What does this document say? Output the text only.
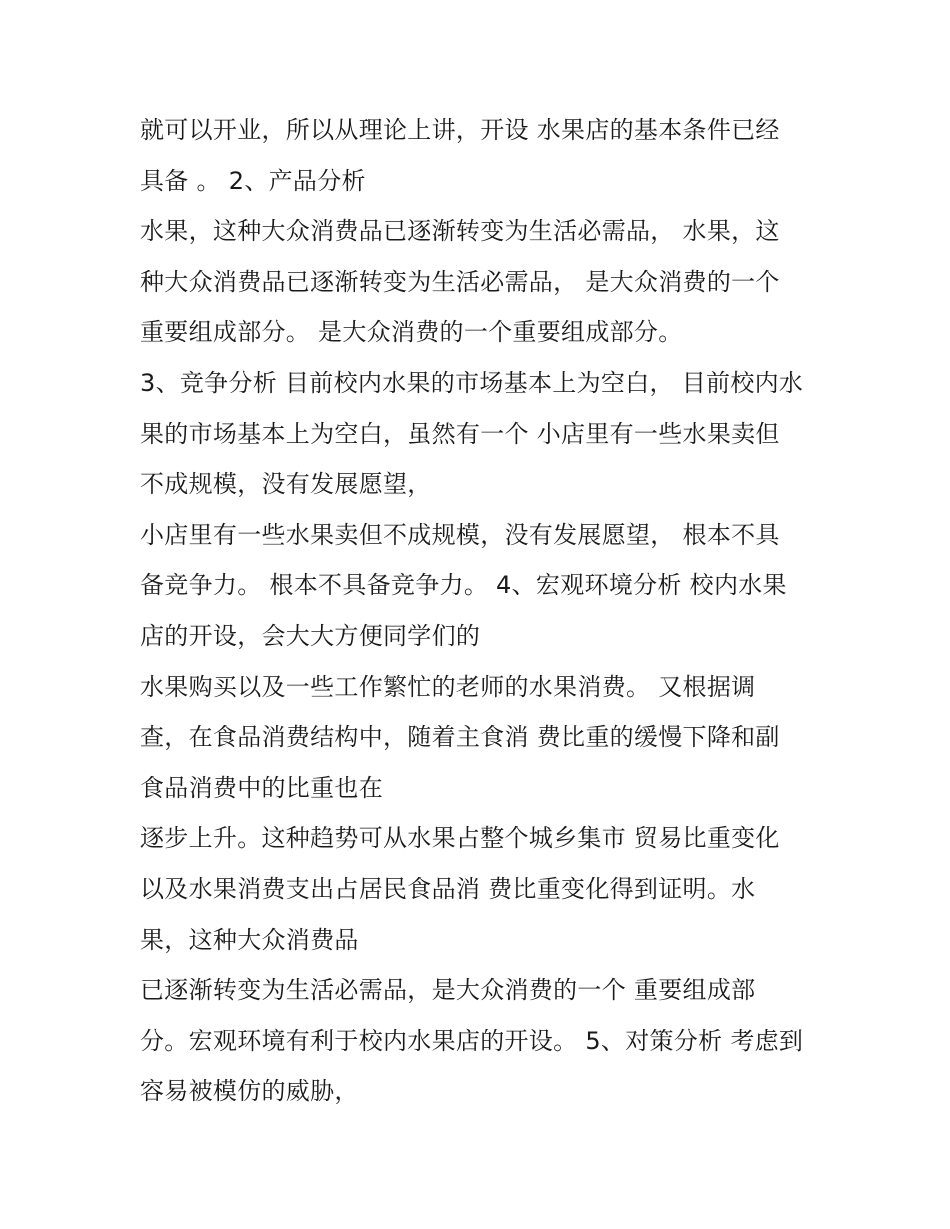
就可以开业，所以从理论上讲，开设 水果店的基本条件已经
具备 。 2、产品分析
水果，这种大众消费品已逐渐转变为生活必需品， 水果，这
种大众消费品已逐渐转变为生活必需品， 是大众消费的一个
重要组成部分。 是大众消费的一个重要组成部分。
3、竞争分析 目前校内水果的市场基本上为空白， 目前校内水
果的市场基本上为空白，虽然有一个 小店里有一些水果卖但
不成规模，没有发展愿望，
小店里有一些水果卖但不成规模，没有发展愿望， 根本不具
备竞争力。 根本不具备竞争力。 4、宏观环境分析 校内水果
店的开设，会大大方便同学们的
水果购买以及一些工作繁忙的老师的水果消费。 又根据调
查，在食品消费结构中，随着主食消 费比重的缓慢下降和副
食品消费中的比重也在
逐步上升。这种趋势可从水果占整个城乡集市 贸易比重变化
以及水果消费支出占居民食品消 费比重变化得到证明。水
果，这种大众消费品
已逐渐转变为生活必需品，是大众消费的一个 重要组成部
分。宏观环境有利于校内水果店的开设。 5、对策分析 考虑到
容易被模仿的威胁，
